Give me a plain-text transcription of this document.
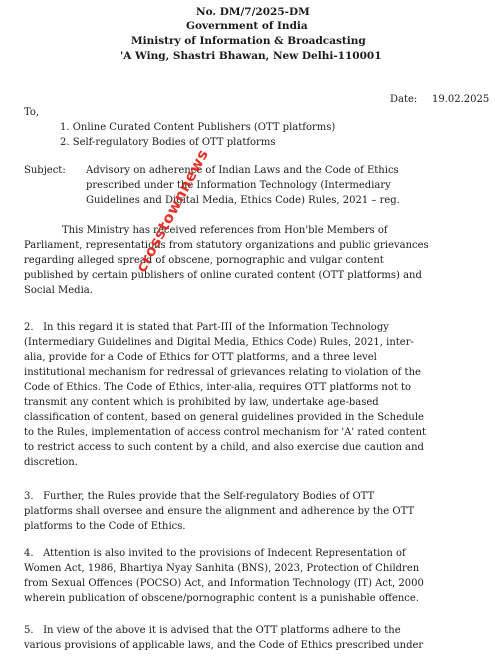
No. DM/7/2025-DM
Government of India
Ministry of Information & Broadcasting
'A Wing, Shastri Bhawan, New Delhi-110001
Date: 19.02.2025
To,
1. Online Curated Content Publishers (OTT platforms)
2. Self-regulatory Bodies of OTT platforms
Subject: Advisory on adherence of Indian Laws and the Code of Ethics
prescribed under the Information Technology (Intermediary
Guidelines and Digital Media, Ethics Code) Rules, 2021 – reg.
This Ministry has received references from Hon'ble Members of
Parliament, representations from statutory organizations and public grievances
regarding alleged spread of obscene, pornographic and vulgar content
published by certain publishers of online curated content (OTT platforms) and
Social Media.
2.   In this regard it is stated that Part-III of the Information Technology
(Intermediary Guidelines and Digital Media, Ethics Code) Rules, 2021, inter-
alia, provide for a Code of Ethics for OTT platforms, and a three level
institutional mechanism for redressal of grievances relating to violation of the
Code of Ethics. The Code of Ethics, inter-alia, requires OTT platforms not to
transmit any content which is prohibited by law, undertake age-based
classification of content, based on general guidelines provided in the Schedule
to the Rules, implementation of access control mechanism for 'A' rated content
to restrict access to such content by a child, and also exercise due caution and
discretion.
3.   Further, the Rules provide that the Self-regulatory Bodies of OTT
platforms shall oversee and ensure the alignment and adherence by the OTT
platforms to the Code of Ethics.
4.   Attention is also invited to the provisions of Indecent Representation of
Women Act, 1986, Bhartiya Nyay Sanhita (BNS), 2023, Protection of Children
from Sexual Offences (POCSO) Act, and Information Technology (IT) Act, 2000
wherein publication of obscene/pornographic content is a punishable offence.
5.   In view of the above it is advised that the OTT platforms adhere to the
various provisions of applicable laws, and the Code of Ethics prescribed under
crosstownnews
